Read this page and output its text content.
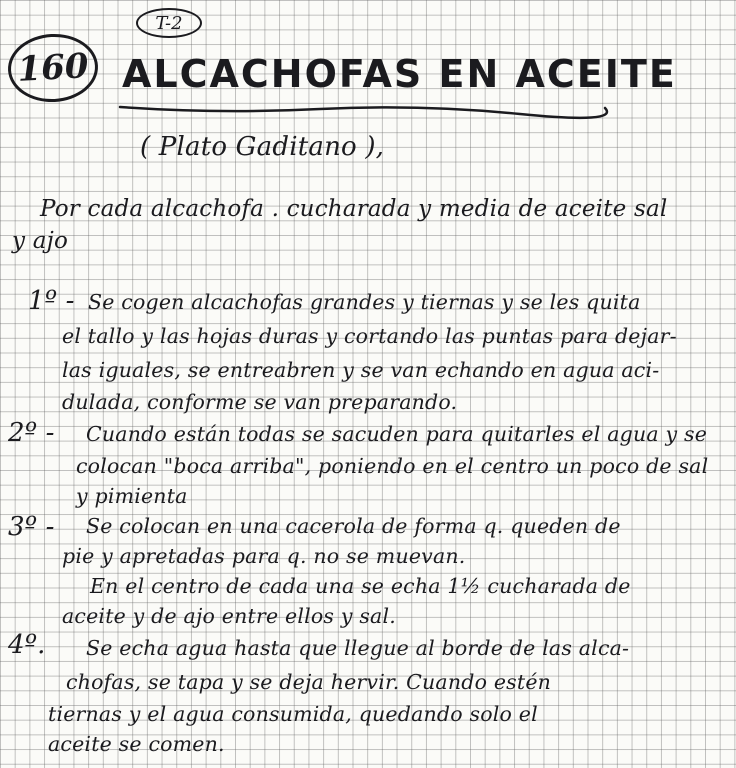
160
T-2
ALCACHOFAS EN ACEITE
( Plato Gaditano ),
Por cada alcachofa . cucharada y media de aceite sal
y ajo
1º - Se cogen alcachofas grandes y tiernas y se les quita
el tallo y las hojas duras y cortando las puntas para dejar-
las iguales, se entreabren y se van echando en agua aci-
dulada, conforme se van preparando.
2º - Cuando están todas se sacuden para quitarles el agua y se
colocan "boca arriba", poniendo en el centro un poco de sal
y pimienta
3º - Se colocan en una cacerola de forma q. queden de
pie y apretadas para q. no se muevan.
En el centro de cada una se echa 1½ cucharada de
aceite y de ajo entre ellos y sal.
4º. Se echa agua hasta que llegue al borde de las alca-
chofas, se tapa y se deja hervir. Cuando estén
tiernas y el agua consumida, quedando solo el
aceite se comen.
